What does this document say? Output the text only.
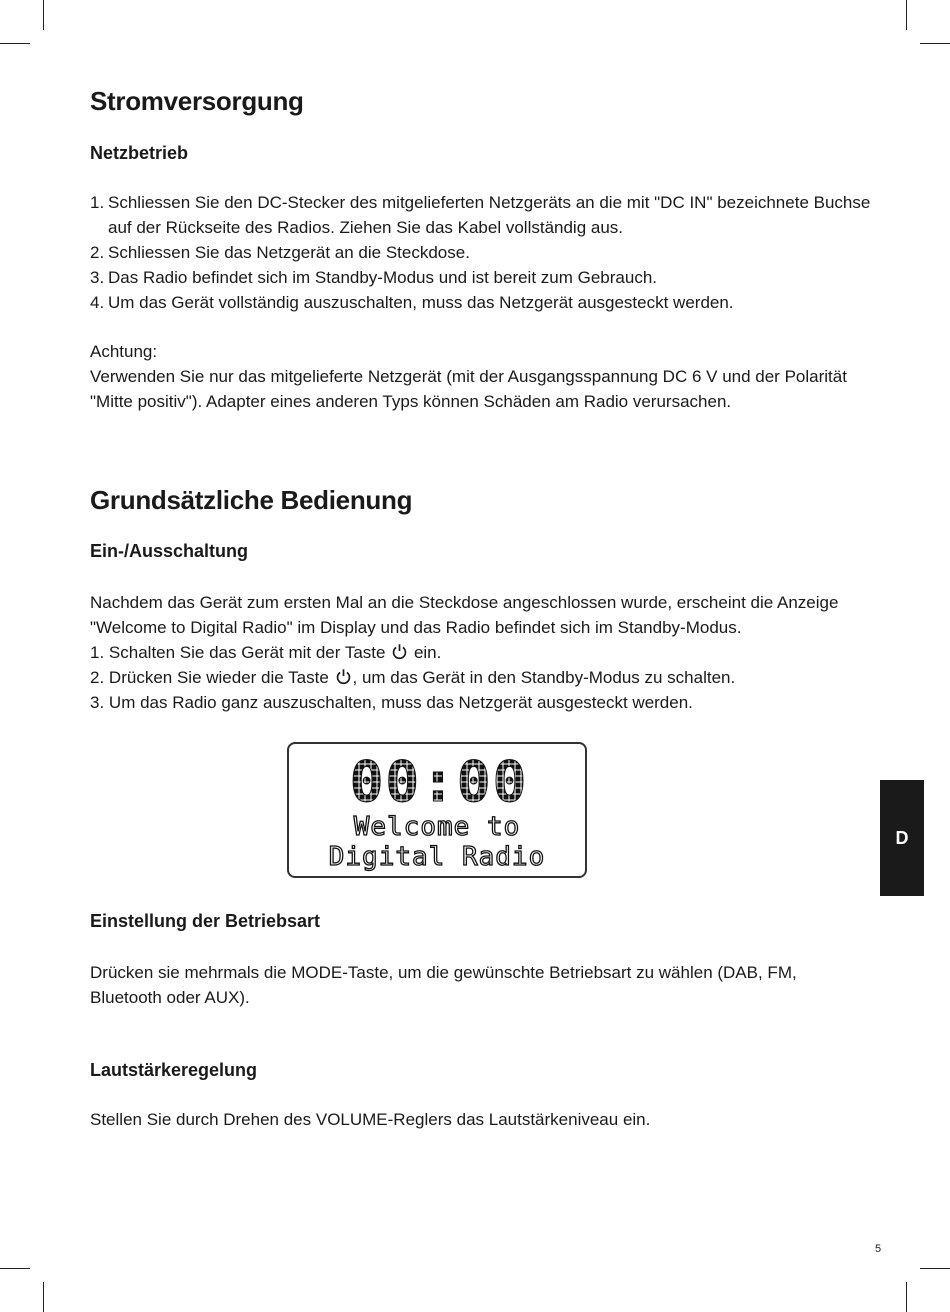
Stromversorgung
Netzbetrieb
1. Schliessen Sie den DC-Stecker des mitgelieferten Netzgeräts an die mit "DC IN" bezeichnete Buchse auf der Rückseite des Radios. Ziehen Sie das Kabel vollständig aus.
2. Schliessen Sie das Netzgerät an die Steckdose.
3. Das Radio befindet sich im Standby-Modus und ist bereit zum Gebrauch.
4. Um das Gerät vollständig auszuschalten, muss das Netzgerät ausgesteckt werden.

Achtung:

Verwenden Sie nur das mitgelieferte Netzgerät (mit der Ausgangsspannung DC 6 V und der Polarität "Mitte positiv"). Adapter eines anderen Typs können Schäden am Radio verursachen.

Grundsätzliche Bedienung
Ein-/Ausschaltung
Nachdem das Gerät zum ersten Mal an die Steckdose angeschlossen wurde, erscheint die Anzeige
"Welcome to Digital Radio" im Display und das Radio befindet sich im Standby-Modus.
1. Schalten Sie das Gerät mit der Taste ein.
2. Drücken Sie wieder die Taste , um das Gerät in den Standby-Modus zu schalten.
3. Um das Radio ganz auszuschalten, muss das Netzgerät ausgesteckt werden.
00:00
Welcome to
Digital Radio
Einstellung der Betriebsart

Drücken sie mehrmals die MODE-Taste, um die gewünschte Betriebsart zu wählen (DAB, FM, Bluetooth oder AUX).

Lautstärkeregelung

Stellen Sie durch Drehen des VOLUME-Reglers das Lautstärkeniveau ein.

D
5
